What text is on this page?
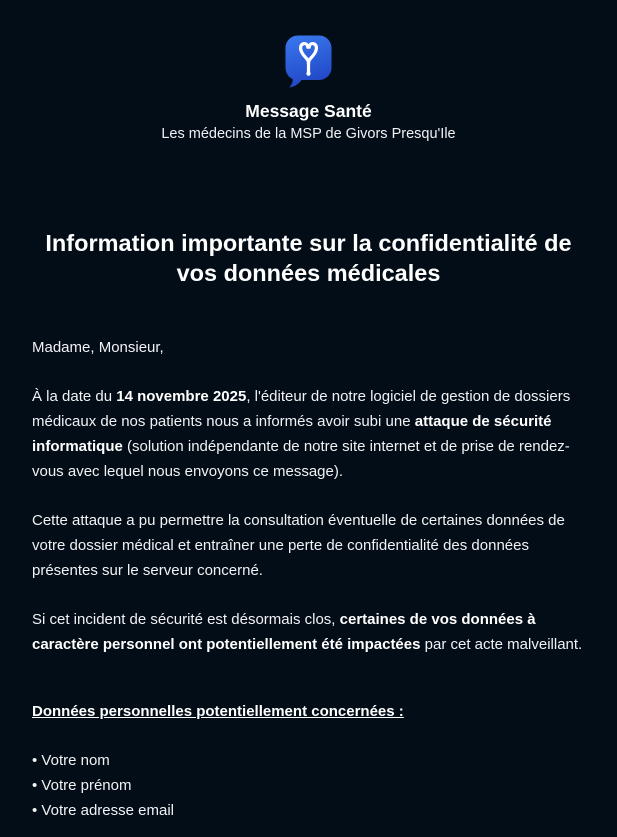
Message Santé
Les médecins de la MSP de Givors Presqu'Ile
Information importante sur la confidentialité de
vos données médicales

Madame, Monsieur,

À la date du 14 novembre 2025, l'éditeur de notre logiciel de gestion de dossiers médicaux de nos patients nous a informés avoir subi une attaque de sécurité informatique (solution indépendante de notre site internet et de prise de rendez-vous avec lequel nous envoyons ce message).

Cette attaque a pu permettre la consultation éventuelle de certaines données de votre dossier médical et entraîner une perte de confidentialité des données présentes sur le serveur concerné.

Si cet incident de sécurité est désormais clos, certaines de vos données à caractère personnel ont potentiellement été impactées par cet acte malveillant.

Données personnelles potentiellement concernées :

• Votre nom
• Votre prénom
• Votre adresse email
